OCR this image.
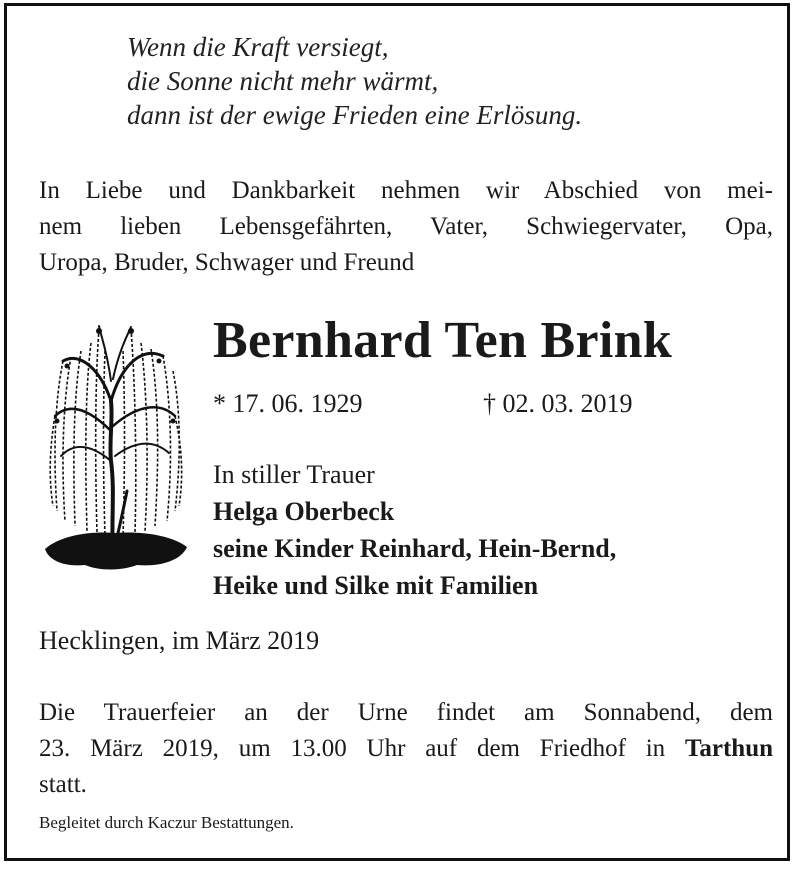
Wenn die Kraft versiegt,
die Sonne nicht mehr wärmt,
dann ist der ewige Frieden eine Erlösung.
In Liebe und Dankbarkeit nehmen wir Abschied von mei-
nem lieben Lebensgefährten, Vater, Schwiegervater, Opa,
Uropa, Bruder, Schwager und Freund
Bernhard Ten Brink
* 17. 06. 1929	† 02. 03. 2019
In stiller Trauer
Helga Oberbeck
seine Kinder Reinhard, Hein-Bernd,
Heike und Silke mit Familien
Hecklingen, im März 2019
Die Trauerfeier an der Urne findet am Sonnabend, dem
23. März 2019, um 13.00 Uhr auf dem Friedhof in Tarthun
statt.
Begleitet durch Kaczur Bestattungen.
